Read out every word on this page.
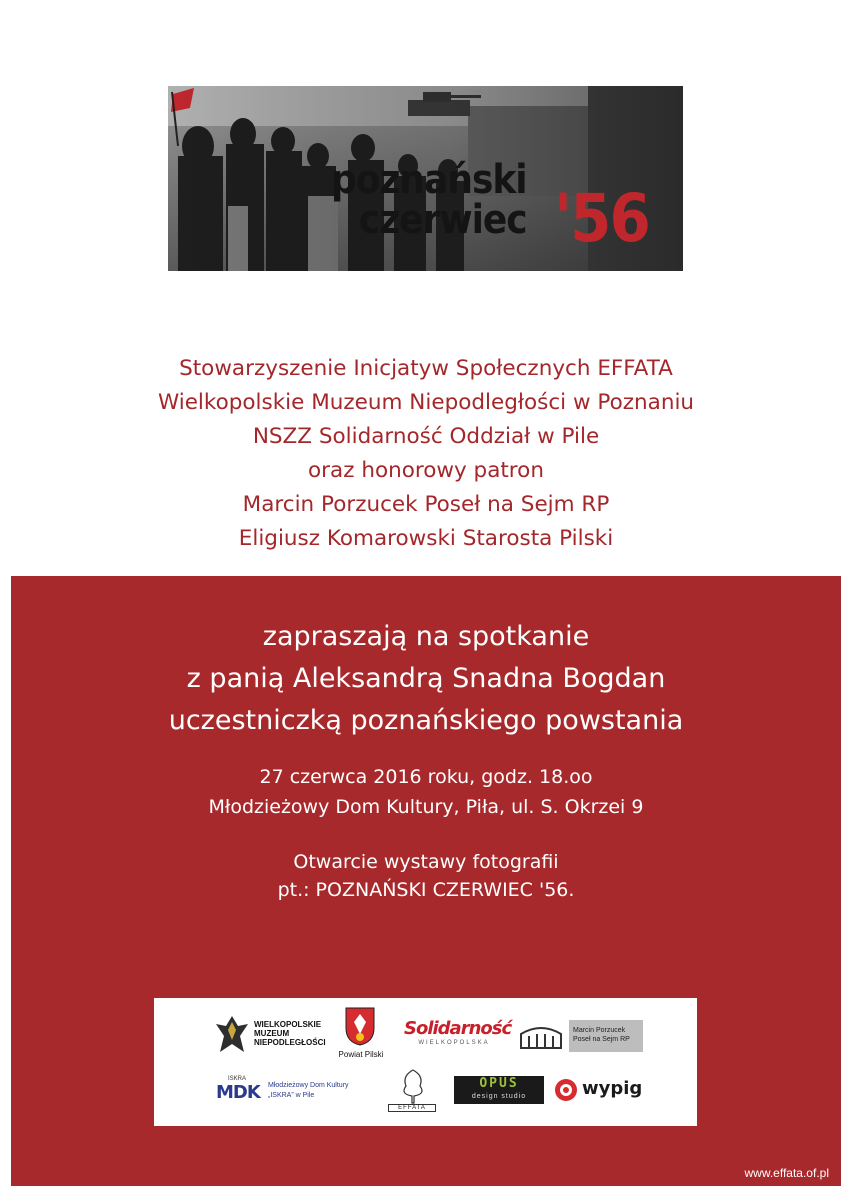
poznański
czerwiec '56
Stowarzyszenie Inicjatyw Społecznych EFFATA
Wielkopolskie Muzeum Niepodległości w Poznaniu
NSZZ Solidarność Oddział w Pile
oraz honorowy patron
Marcin Porzucek Poseł na Sejm RP
Eligiusz Komarowski Starosta Pilski
zapraszają na spotkanie
z panią Aleksandrą Snadna Bogdan
uczestniczką poznańskiego powstania
27 czerwca 2016 roku, godz. 18.oo
Młodzieżowy Dom Kultury, Piła, ul. S. Okrzei 9
Otwarcie wystawy fotografii
pt.: POZNAŃSKI CZERWIEC '56.
WIELKOPOLSKIE
MUZEUM
NIEPODLEGŁOŚCI
Powiat Pilski
Solidarność
WIELKOPOLSKA
Marcin Porzucek
Poseł na Sejm RP
ISKRA
MDK Młodzieżowy Dom Kultury
„ISKRA” w Pile
EFFATA
OPUS
design studio	wypig
www.effata.of.pl
